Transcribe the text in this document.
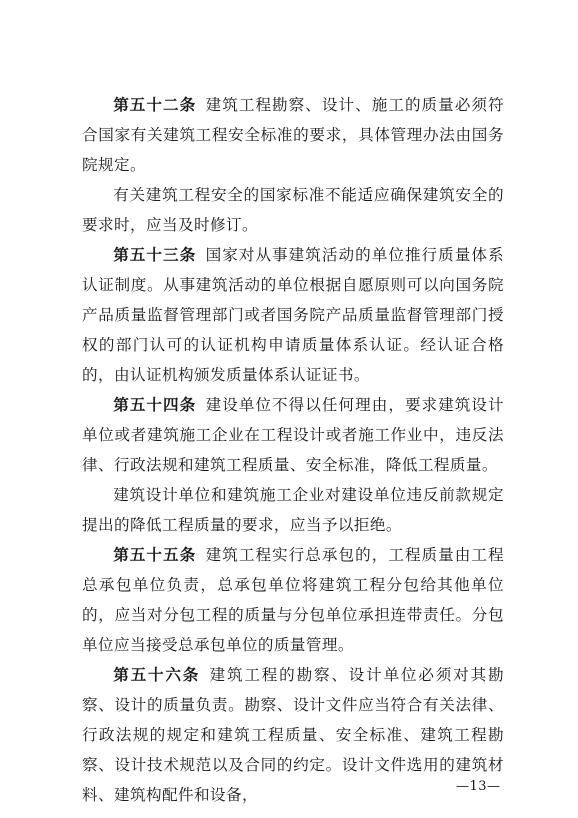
第五十二条 建筑工程勘察、设计、施工的质量必须符合国家有关建筑工程安全标准的要求，具体管理办法由国务院规定。

有关建筑工程安全的国家标准不能适应确保建筑安全的要求时，应当及时修订。

第五十三条 国家对从事建筑活动的单位推行质量体系认证制度。从事建筑活动的单位根据自愿原则可以向国务院产品质量监督管理部门或者国务院产品质量监督管理部门授权的部门认可的认证机构申请质量体系认证。经认证合格的，由认证机构颁发质量体系认证证书。

第五十四条 建设单位不得以任何理由，要求建筑设计单位或者建筑施工企业在工程设计或者施工作业中，违反法律、行政法规和建筑工程质量、安全标准，降低工程质量。

建筑设计单位和建筑施工企业对建设单位违反前款规定提出的降低工程质量的要求，应当予以拒绝。

第五十五条 建筑工程实行总承包的，工程质量由工程总承包单位负责，总承包单位将建筑工程分包给其他单位的，应当对分包工程的质量与分包单位承担连带责任。分包单位应当接受总承包单位的质量管理。

第五十六条 建筑工程的勘察、设计单位必须对其勘察、设计的质量负责。勘察、设计文件应当符合有关法律、行政法规的规定和建筑工程质量、安全标准、建筑工程勘察、设计技术规范以及合同的约定。设计文件选用的建筑材料、建筑构配件和设备，	—13—
